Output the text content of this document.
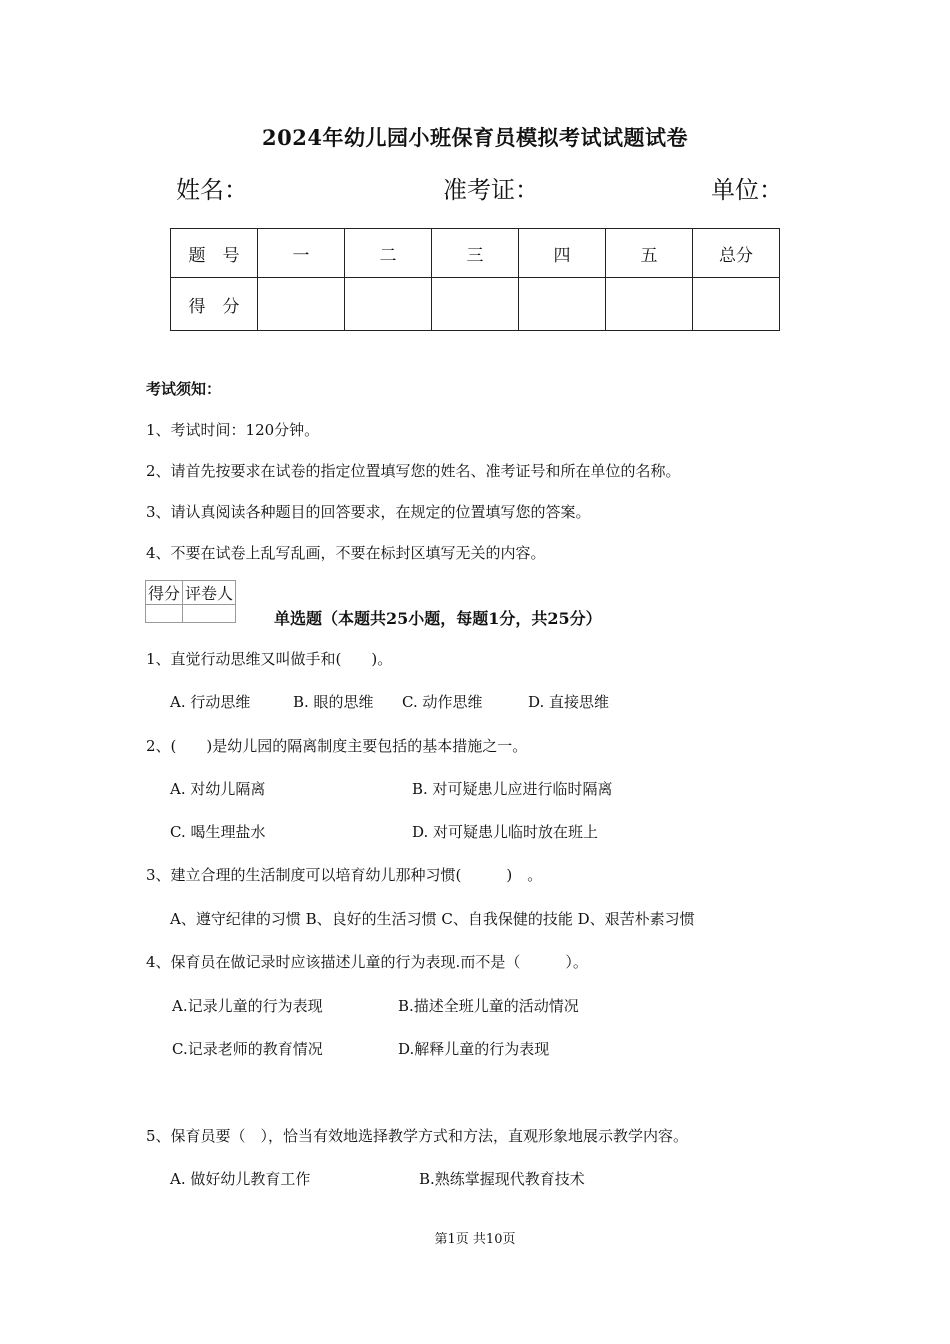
2024年幼儿园小班保育员模拟考试试题试卷
姓名：	准考证：	单位：
题　号	一	二	三	四	五	总分
得　分						
考试须知：
1、考试时间：120分钟。
2、请首先按要求在试卷的指定位置填写您的姓名、准考证号和所在单位的名称。
3、请认真阅读各种题目的回答要求，在规定的位置填写您的答案。
4、不要在试卷上乱写乱画，不要在标封区填写无关的内容。
得分	评卷人

单选题（本题共25小题，每题1分，共25分）
1、直觉行动思维又叫做手和(　　)。
A. 行动思维	B. 眼的思维 C. 动作思维	D. 直接思维
2、(　　)是幼儿园的隔离制度主要包括的基本措施之一。
A. 对幼儿隔离	B. 对可疑患儿应进行临时隔离
C. 喝生理盐水	D. 对可疑患儿临时放在班上
3、建立合理的生活制度可以培育幼儿那种习惯(　　　)　。
A、遵守纪律的习惯 B、良好的生活习惯 C、自我保健的技能 D、艰苦朴素习惯
4、保育员在做记录时应该描述儿童的行为表现.而不是（　　　）。
A.记录儿童的行为表现	B.描述全班儿童的活动情况
C.记录老师的教育情况	D.解释儿童的行为表现
5、保育员要（　），恰当有效地选择教学方式和方法，直观形象地展示教学内容。
A. 做好幼儿教育工作	B.熟练掌握现代教育技术
第1页 共10页
